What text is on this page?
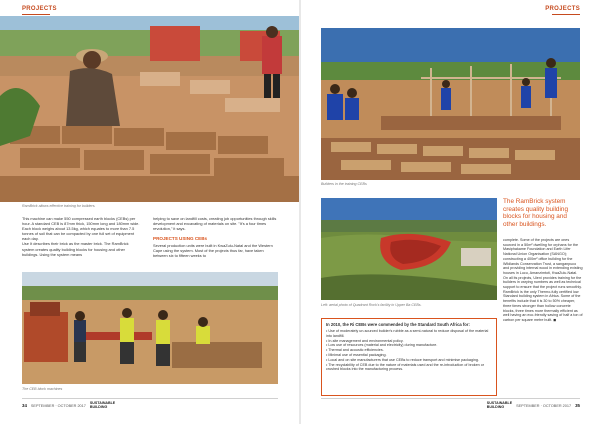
PROJECTS
RamBrick allows effective training for builders.
This machine can make 550 compressed earth blocks (CEBs) per hour. A standard CEB is 87mm thick, 150mm long and 180mm wide. Each block weighs about 13.5kg, which equates to more than 7.5 tonnes of soil that can be compacted by one full set of equipment each day.
Use It describes their brick as the master brick. The RamBrick system creates quality building blocks for housing and other buildings. Using the system means
helping to save on landfill costs, creating job opportunities through skills development and excavating of materials on site. "It's a four times revolution," it says.
PROJECTS USING CEBs
Several production units were built in KwaZulu-Natal and the Western Cape using the system. Most of the projects thus far, have taken between six to fifteen weeks to
The CEB block machines
34 SEPTEMBER · OCTOBER 2017
SUSTAINABLE
BUILDING
PROJECTS
Builders in the training CEBs
Left: aerial photo of Quadrant Rock's facility in Upper Ba CEBs.
The RamBrick system creates quality building blocks for housing and other buildings.
complete. Some of the projects are ones sourced in a 50m² dwelling for orphans for the Masiphakame Foundation and Earth Lifer National Union Organisation (SANGO); constructing a 400m² office building for the Wildlands Conservation Trust, a sanganpuco and providing internal wood in extending existing houses in Lucu, Amanzimtoti, KwaZulu-Natal.
On all its projects, Uieni provides training for the builders in varying numbers as well as technical support to ensure that the project runs smoothly.
RamBrick is the only Thermo-fully certified low Standard building system in Africa. Some of the benefits include that it is 30 to 50% cheaper, three times stronger than hollow concrete blocks, three times more thermally efficient as well having an eco-friendly saving of half a ton of carbon per square metre built. ◼
In 2010, the Ri CEBs were commended by the Standard South Africa for:
• Use of moderately un-sourced builder's rubble as a semi-natural to reduce disposal of the material into landfill.
• In-site management and environmental policy.
• Low use of resources (material and electricity) during manufacture.
• Thermal and acoustic efficiencies.
• Minimal use of essential packaging.
• Local and on site manufacturers that use CEBs to reduce transport and minimise packaging.
• The recyclability of CEB due to the nature of materials used and the re-introduction of broken or crushed blocks into the manufacturing process.
SUSTAINABLE
BUILDING	SEPTEMBER · OCTOBER 2017 35
